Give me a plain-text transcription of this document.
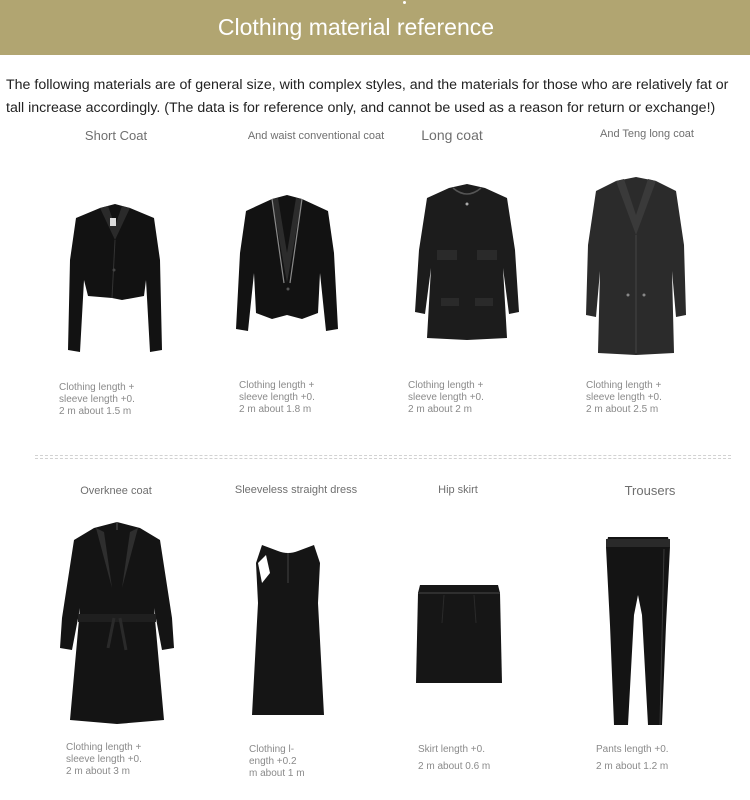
Clothing material reference
The following materials are of general size, with complex styles, and the materials for those who are relatively fat or tall increase accordingly. (The data is for reference only, and cannot be used as a reason for return or exchange!)
Short Coat	And waist conventional coat	Long coat	And Teng long coat
Clothing length +
sleeve length +0.
2 m about 1.5 m
Clothing length +
sleeve length +0.
2 m about 1.8 m
Clothing length +
sleeve length +0.
2 m about 2 m
Clothing length +
sleeve length +0.
2 m about 2.5 m
Overknee coat	Sleeveless straight dress	Hip skirt	Trousers
Clothing length +
sleeve length +0.
2 m about 3 m
Clothing l-
ength +0.2
m about 1 m
Skirt length +0.

2 m about 0.6 m
Pants length +0.

2 m about 1.2 m
